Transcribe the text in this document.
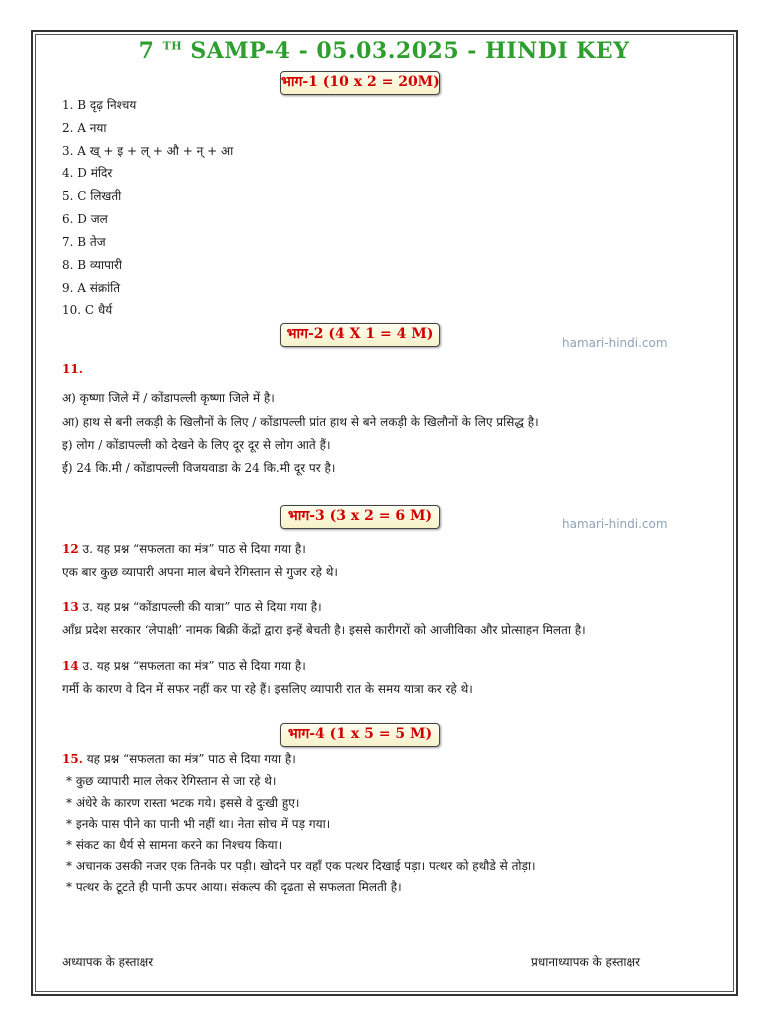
7 $^{TH}$ SAMP-4 - 05.03.2025 - HINDI KEY
भाग-1 (10 x 2 = 20M)
1. B दृढ़ निश्चय
2. A नया
3. A ख् + इ + ल् + औ + न् + आ
4. D मंदिर
5. C लिखती
6. D जल
7. B तेज
8. B व्यापारी
9. A संक्रांति
10. C धैर्य
भाग-2 (4 X 1 = 4 M)
hamari-hindi.com
11.
अ) कृष्णा जिले में / कोंडापल्ली कृष्णा जिले में है।
आ) हाथ से बनी लकड़ी के खिलौनों के लिए / कोंडापल्ली प्रांत हाथ से बने लकड़ी के खिलौनों के लिए प्रसिद्ध है।
इ) लोग / कोंडापल्ली को देखने के लिए दूर दूर से लोग आते हैं।
ई) 24 कि.मी / कोंडापल्ली विजयवाडा के 24 कि.मी दूर पर है।
भाग-3 (3 x 2 = 6 M)	hamari-hindi.com
12 उ. यह प्रश्न “सफलता का मंत्र” पाठ से दिया गया है।
एक बार कुछ व्यापारी अपना माल बेचने रेगिस्तान से गुजर रहे थे।
13 उ. यह प्रश्न “कोंडापल्ली की यात्रा” पाठ से दिया गया है।
आँध्र प्रदेश सरकार ‘लेपाक्षी’ नामक बिक्री केंद्रों द्वारा इन्हें बेचती है। इससे कारीगरों को आजीविका और प्रोत्साहन मिलता है।
14 उ. यह प्रश्न “सफलता का मंत्र” पाठ से दिया गया है।
गर्मी के कारण वे दिन में सफर नहीं कर पा रहे हैं। इसलिए व्यापारी रात के समय यात्रा कर रहे थे।
भाग-4 (1 x 5 = 5 M)
15. यह प्रश्न “सफलता का मंत्र” पाठ से दिया गया है।
* कुछ व्यापारी माल लेकर रेगिस्तान से जा रहे थे।
* अंधेरे के कारण रास्ता भटक गये। इससे वे दुःखी हुए।
* इनके पास पीने का पानी भी नहीं था। नेता सोच में पड़ गया।
* संकट का धैर्य से सामना करने का निश्चय किया।
* अचानक उसकी नजर एक तिनके पर पड़ी। खोदने पर वहाँ एक पत्थर दिखाई पड़ा। पत्थर को हथौडे से तोड़ा।
* पत्थर के टूटते ही पानी ऊपर आया। संकल्प की दृढता से सफलता मिलती है।
अध्यापक के हस्ताक्षर	प्रधानाध्यापक के हस्ताक्षर
